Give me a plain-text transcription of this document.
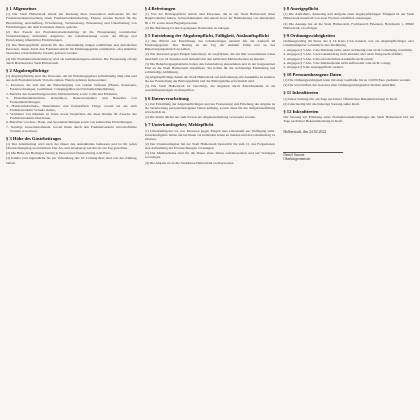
§ 1 Allgemeines

(1) Die Stadt Halberstadt erhebt zur Deckung ihres besonderen Aufwandes für die Fremdenverkehrswerbung einen Fremdenverkehrsbeitrag. Ebenso werden Kosten für die Herstellung, Anschaffung, Erweiterung, Verbesserung, Erneuerung und Unterhaltung von Einrichtungen, die dem Tourismus dienen, gedeckt.

(2) Der Zweck der Fremdenverkehrsbeiträge ist die Finanzierung touristischer Veranstaltungen, kultureller Angebote, der Gästebetreuung sowie der Pflege und Entwicklung öffentlicher Einrichtungen.

(3) Die Beitragspflicht entsteht für alle selbstständig tätigen natürlichen und juristischen Personen, denen durch den Fremdenverkehr im Erhebungsgebiet unmittelbar oder mittelbar besondere wirtschaftliche Vorteile geboten werden.

(4) Der Fremdenverkehrsbeitrag wird als Gemeindeabgabe erhoben. Die Festsetzung erfolgt durch Bescheid der Stadt Halberstadt.

§ 2 Abgabenpflichtige

(1) Abgabepflichtig sind alle Personen, die im Erhebungsgebiet selbstständig tätig sind und aus dem Fremdenverkehr Vorteile ziehen. Hierzu gehören insbesondere:

1. Personen, die sich mit der Beherbergung von Gästen befassen (Hotels, Pensionen, Ferienwohnungen, Gasthäuser, Campingplätze und Wohnmobilstellplätze),
2. Betriebe des Gaststättengewerbes, Imbissbetriebe sowie Cafés und Eisdielen,
3. Einzelhandelsbetriebe, Reisebüros, Reiseveranstalter und Betreiber von Freizeiteinrichtungen,
4. Handwerksbetriebe, Dienstleister und freiberuflich Tätige, soweit sie aus dem Fremdenverkehr Vorteile ziehen,
5. Vermieter von Räumen an Gäste sowie Verpächter, die diese Räume für Zwecke des Fremdenverkehrs überlassen,
6. Betreiber von Kur-, Bade- und Sporteinrichtungen sowie von kulturellen Einrichtungen,
7. Sonstige Gewerbetreibende, soweit ihnen durch den Fremdenverkehr wirtschaftliche Vorteile erwachsen.
§ 3 Höhe des Gästebeitrages

(1) Der Gästebeitrag wird nach der Dauer des Aufenthaltes bemessen und ist für jeden Übernachtungstag zu entrichten. Der An- und Abreisetag werden als ein Tag gerechnet.

(2) Die Höhe des Beitrages beträgt je Person und Übernachtung 2,50 Euro.

(3) Kinder und Jugendliche bis zur Vollendung des 18. Lebensjahres sind von der Zahlung befreit.

§ 4 Befreiungen

(1) Von der Beitragspflicht befreit sind Personen, die in der Stadt Halberstadt ihren Hauptwohnsitz haben, Schwerbehinderte mit einem Grad der Behinderung von mindestens 80 v. H. sowie deren Begleitpersonen.

(2) Die Befreiung ist durch geeignete Nachweise zu belegen.

§ 5 Entstehung der Abgabenpflicht, Fälligkeit, Auskunftspflicht

(1) Die Pflicht zur Entrichtung des Gästebeitrages entsteht mit der Ankunft im Erhebungsgebiet. Der Beitrag ist am Tag der Ankunft fällig und an den Beherbergungsbetrieb zu zahlen.

(2) Wer Personen gegen Entgelt beherbergt, ist verpflichtet, die bei ihm verweilenden Gäste innerhalb von 24 Stunden nach Ankunft mit den amtlichen Meldescheinen zu melden.

(3) Die Beherbergungsbetriebe haben den Gästebeitrag einzuziehen und in der festgesetzten Frist an die Stadt Halberstadt abzuführen. Sie haften für die rechtzeitige Einziehung und vollständige Abführung.

(4) Abgabepflichtige haben der Stadt Halberstadt auf Anforderung alle Auskünfte zu erteilen, die zur Feststellung der Beitragspflicht und der Beitragshöhe erforderlich sind.

(5) Die Stadt Halberstadt ist berechtigt, die Angaben durch Einsichtnahme in die Geschäftsunterlagen zu überprüfen.

§ 6 Datenverarbeitung

(1) Zur Ermittlung der Abgabepflichtigen und zur Festsetzung und Erhebung der Abgabe ist die Verarbeitung personenbezogener Daten zulässig, soweit diese für die Aufgabenerfüllung erforderlich ist.

(2) Die Daten dürfen nur zum Zweck der Abgabenerhebung verwendet werden.

§ 7 Unterkunftsgeber, Meldepflicht

(1) Unterkunftgeber ist, wer Personen gegen Entgelt eine Unterkunft zur Verfügung stellt. Unterkunftgeber haben die bei ihnen verweilenden Gäste zu melden und den Gästebeitrag zu erheben.

(2) Der Unterkunftgeber hat der Stadt Halberstadt monatlich bis zum 15. des Folgemonats eine Aufstellung der Übernachtungen vorzulegen.

(3) Die Meldescheine sind für die Dauer eines Jahres aufzubewahren und auf Verlangen vorzulegen.

(4) Die Abgabe ist an die Stadtkasse Halberstadt zu überweisen.

§ 8 Anzeigepflicht

(1) Die Aufnahme, Änderung und Aufgabe einer abgabepflichtigen Tätigkeit ist der Stadt Halberstadt innerhalb von zwei Wochen schriftlich anzuzeigen.

(2) Die Anzeige hat an die Stadt Halberstadt, Fachbereich Finanzen, Holzmarkt 1, 38820 Halberstadt, zu erfolgen.

§ 9 Ordnungswidrigkeiten

Ordnungswidrig im Sinne des § 16 KAG LSA handelt, wer als Abgabepflichtiger oder Unterkunftgeber vorsätzlich oder leichtfertig

1. entgegen § 5 Abs. 2 die Meldung nicht, nicht rechtzeitig oder nicht vollständig vornimmt,
2. entgegen § 5 Abs. 3 den Gästebeitrag nicht einzieht oder nicht fristgerecht abführt,
3. entgegen § 5 Abs. 4 die erforderlichen Auskünfte nicht erteilt,
4. entgegen § 7 Abs. 3 die Meldescheine nicht aufbewahrt oder nicht vorlegt,
5. entgegen § 8 die Anzeigepflicht verletzt.
§ 10 Personenbezogene Daten

(1) Die Ordnungswidrigkeit kann mit einer Geldbuße bis zu 10.000 Euro geahndet werden.

(2) Die Vorschriften des Gesetzes über Ordnungswidrigkeiten bleiben unberührt.

§ 11 Inkrafttreten

(1) Diese Satzung tritt am Tage nach ihrer öffentlichen Bekanntmachung in Kraft.

(2) Gleichzeitig tritt die bisherige Satzung außer Kraft.

§ 12 Inkrafttreten

Die Satzung zur Erhebung eines Fremdenverkehrsbeitrages der Stadt Halberstadt tritt am Tage nach ihrer Bekanntmachung in Kraft.

Halberstadt, den 24.02.2022
Daniel Szarata
Oberbürgermeister
